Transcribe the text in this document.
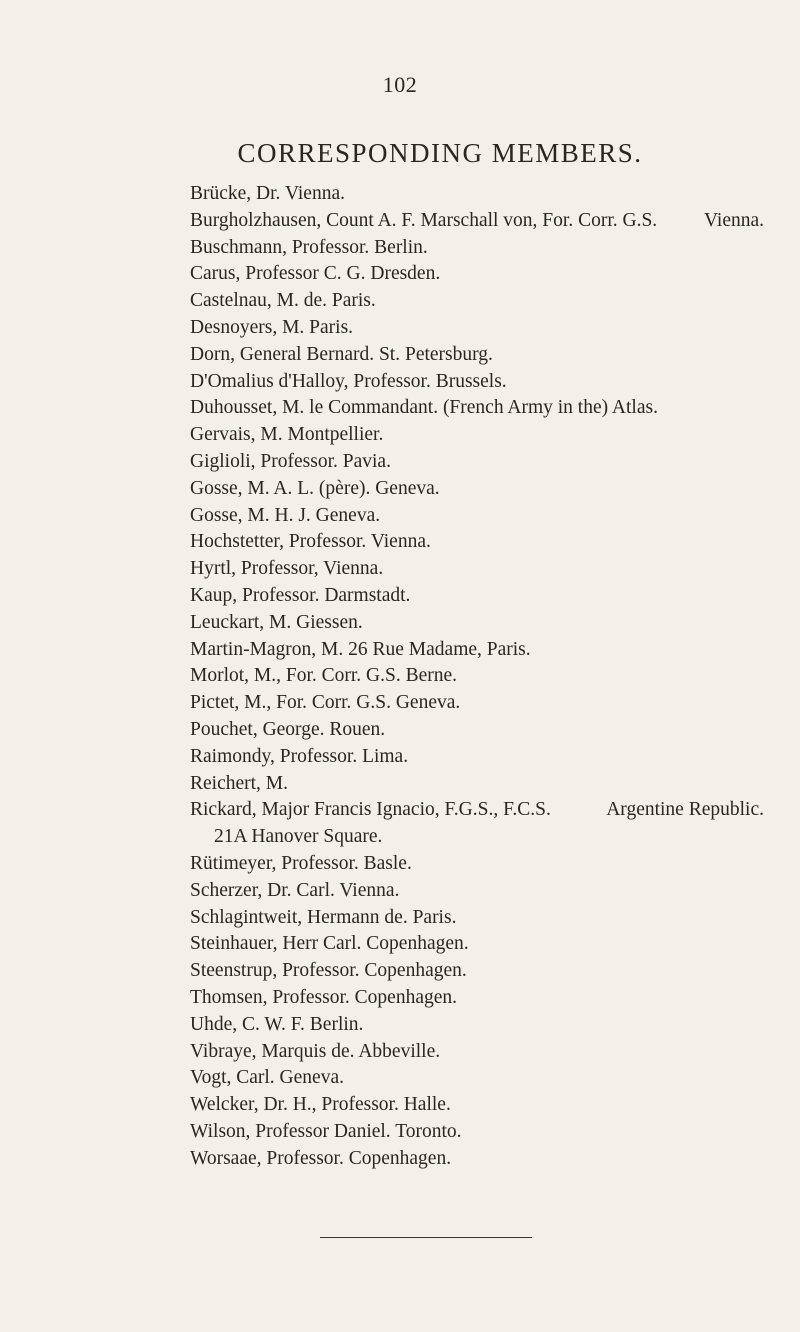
102
CORRESPONDING MEMBERS.
Brücke, Dr. Vienna.
Burgholzhausen, Count A. F. Marschall von, For. Corr. G.S. Vienna.
Buschmann, Professor. Berlin.
Carus, Professor C. G. Dresden.
Castelnau, M. de. Paris.
Desnoyers, M. Paris.
Dorn, General Bernard. St. Petersburg.
D'Omalius d'Halloy, Professor. Brussels.
Duhousset, M. le Commandant. (French Army in the) Atlas.
Gervais, M. Montpellier.
Giglioli, Professor. Pavia.
Gosse, M. A. L. (père). Geneva.
Gosse, M. H. J. Geneva.
Hochstetter, Professor. Vienna.
Hyrtl, Professor, Vienna.
Kaup, Professor. Darmstadt.
Leuckart, M. Giessen.
Martin-Magron, M. 26 Rue Madame, Paris.
Morlot, M., For. Corr. G.S. Berne.
Pictet, M., For. Corr. G.S. Geneva.
Pouchet, George. Rouen.
Raimondy, Professor. Lima.
Reichert, M.
Rickard, Major Francis Ignacio, F.G.S., F.C.S.	Argentine Republic.
21A Hanover Square.
Rütimeyer, Professor. Basle.
Scherzer, Dr. Carl. Vienna.
Schlagintweit, Hermann de. Paris.
Steinhauer, Herr Carl. Copenhagen.
Steenstrup, Professor. Copenhagen.
Thomsen, Professor. Copenhagen.
Uhde, C. W. F. Berlin.
Vibraye, Marquis de. Abbeville.
Vogt, Carl. Geneva.
Welcker, Dr. H., Professor. Halle.
Wilson, Professor Daniel. Toronto.
Worsaae, Professor. Copenhagen.
